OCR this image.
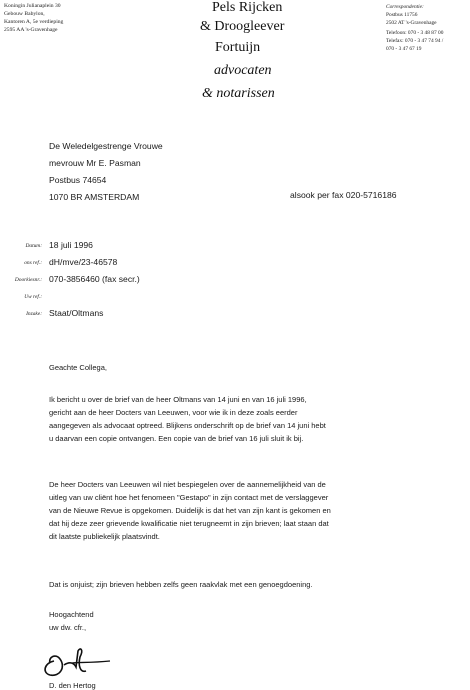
Koningin Julianaplein 30
Gebouw Babylon,
Kantoren A, 5e verdieping
2595 AA 's-Gravenhage
Pels Rijcken
& Droogleever
Fortuijn
advocaten
& notarissen
Correspondentie:
Postbus 11756
2502 AT 's-Gravenhage
Telefoon: 070 - 3 48 87 00
Telefax: 070 - 3 47 74 94 /
070 - 3 47 67 19
De Weledelgestrenge Vrouwe
mevrouw Mr E. Pasman
Postbus 74654
1070 BR AMSTERDAM	alsook per fax 020-5716186
Datum: 18 juli 1996
ons ref.: dH/mve/23-46578
Doorkiesnr.: 070-3856460 (fax secr.)
Uw ref.:
Inzake: Staat/Oltmans
Geachte Collega,
Ik bericht u over de brief van de heer Oltmans van 14 juni en van 16 juli 1996,
gericht aan de heer Docters van Leeuwen, voor wie ik in deze zoals eerder
aangegeven als advocaat optreed. Blijkens onderschrift op de brief van 14 juni hebt
u daarvan een copie ontvangen. Een copie van de brief van 16 juli sluit ik bij.
De heer Docters van Leeuwen wil niet bespiegelen over de aannemelijkheid van de
uitleg van uw cliënt hoe het fenomeen "Gestapo" in zijn contact met de verslaggever
van de Nieuwe Revue is opgekomen. Duidelijk is dat het van zijn kant is gekomen en
dat hij deze zeer grievende kwalificatie niet terugneemt in zijn brieven; laat staan dat
dit laatste publiekelijk plaatsvindt.
Dat is onjuist; zijn brieven hebben zelfs geen raakvlak met een genoegdoening.
Hoogachtend
uw dw. cfr.,
D. den Hertog
